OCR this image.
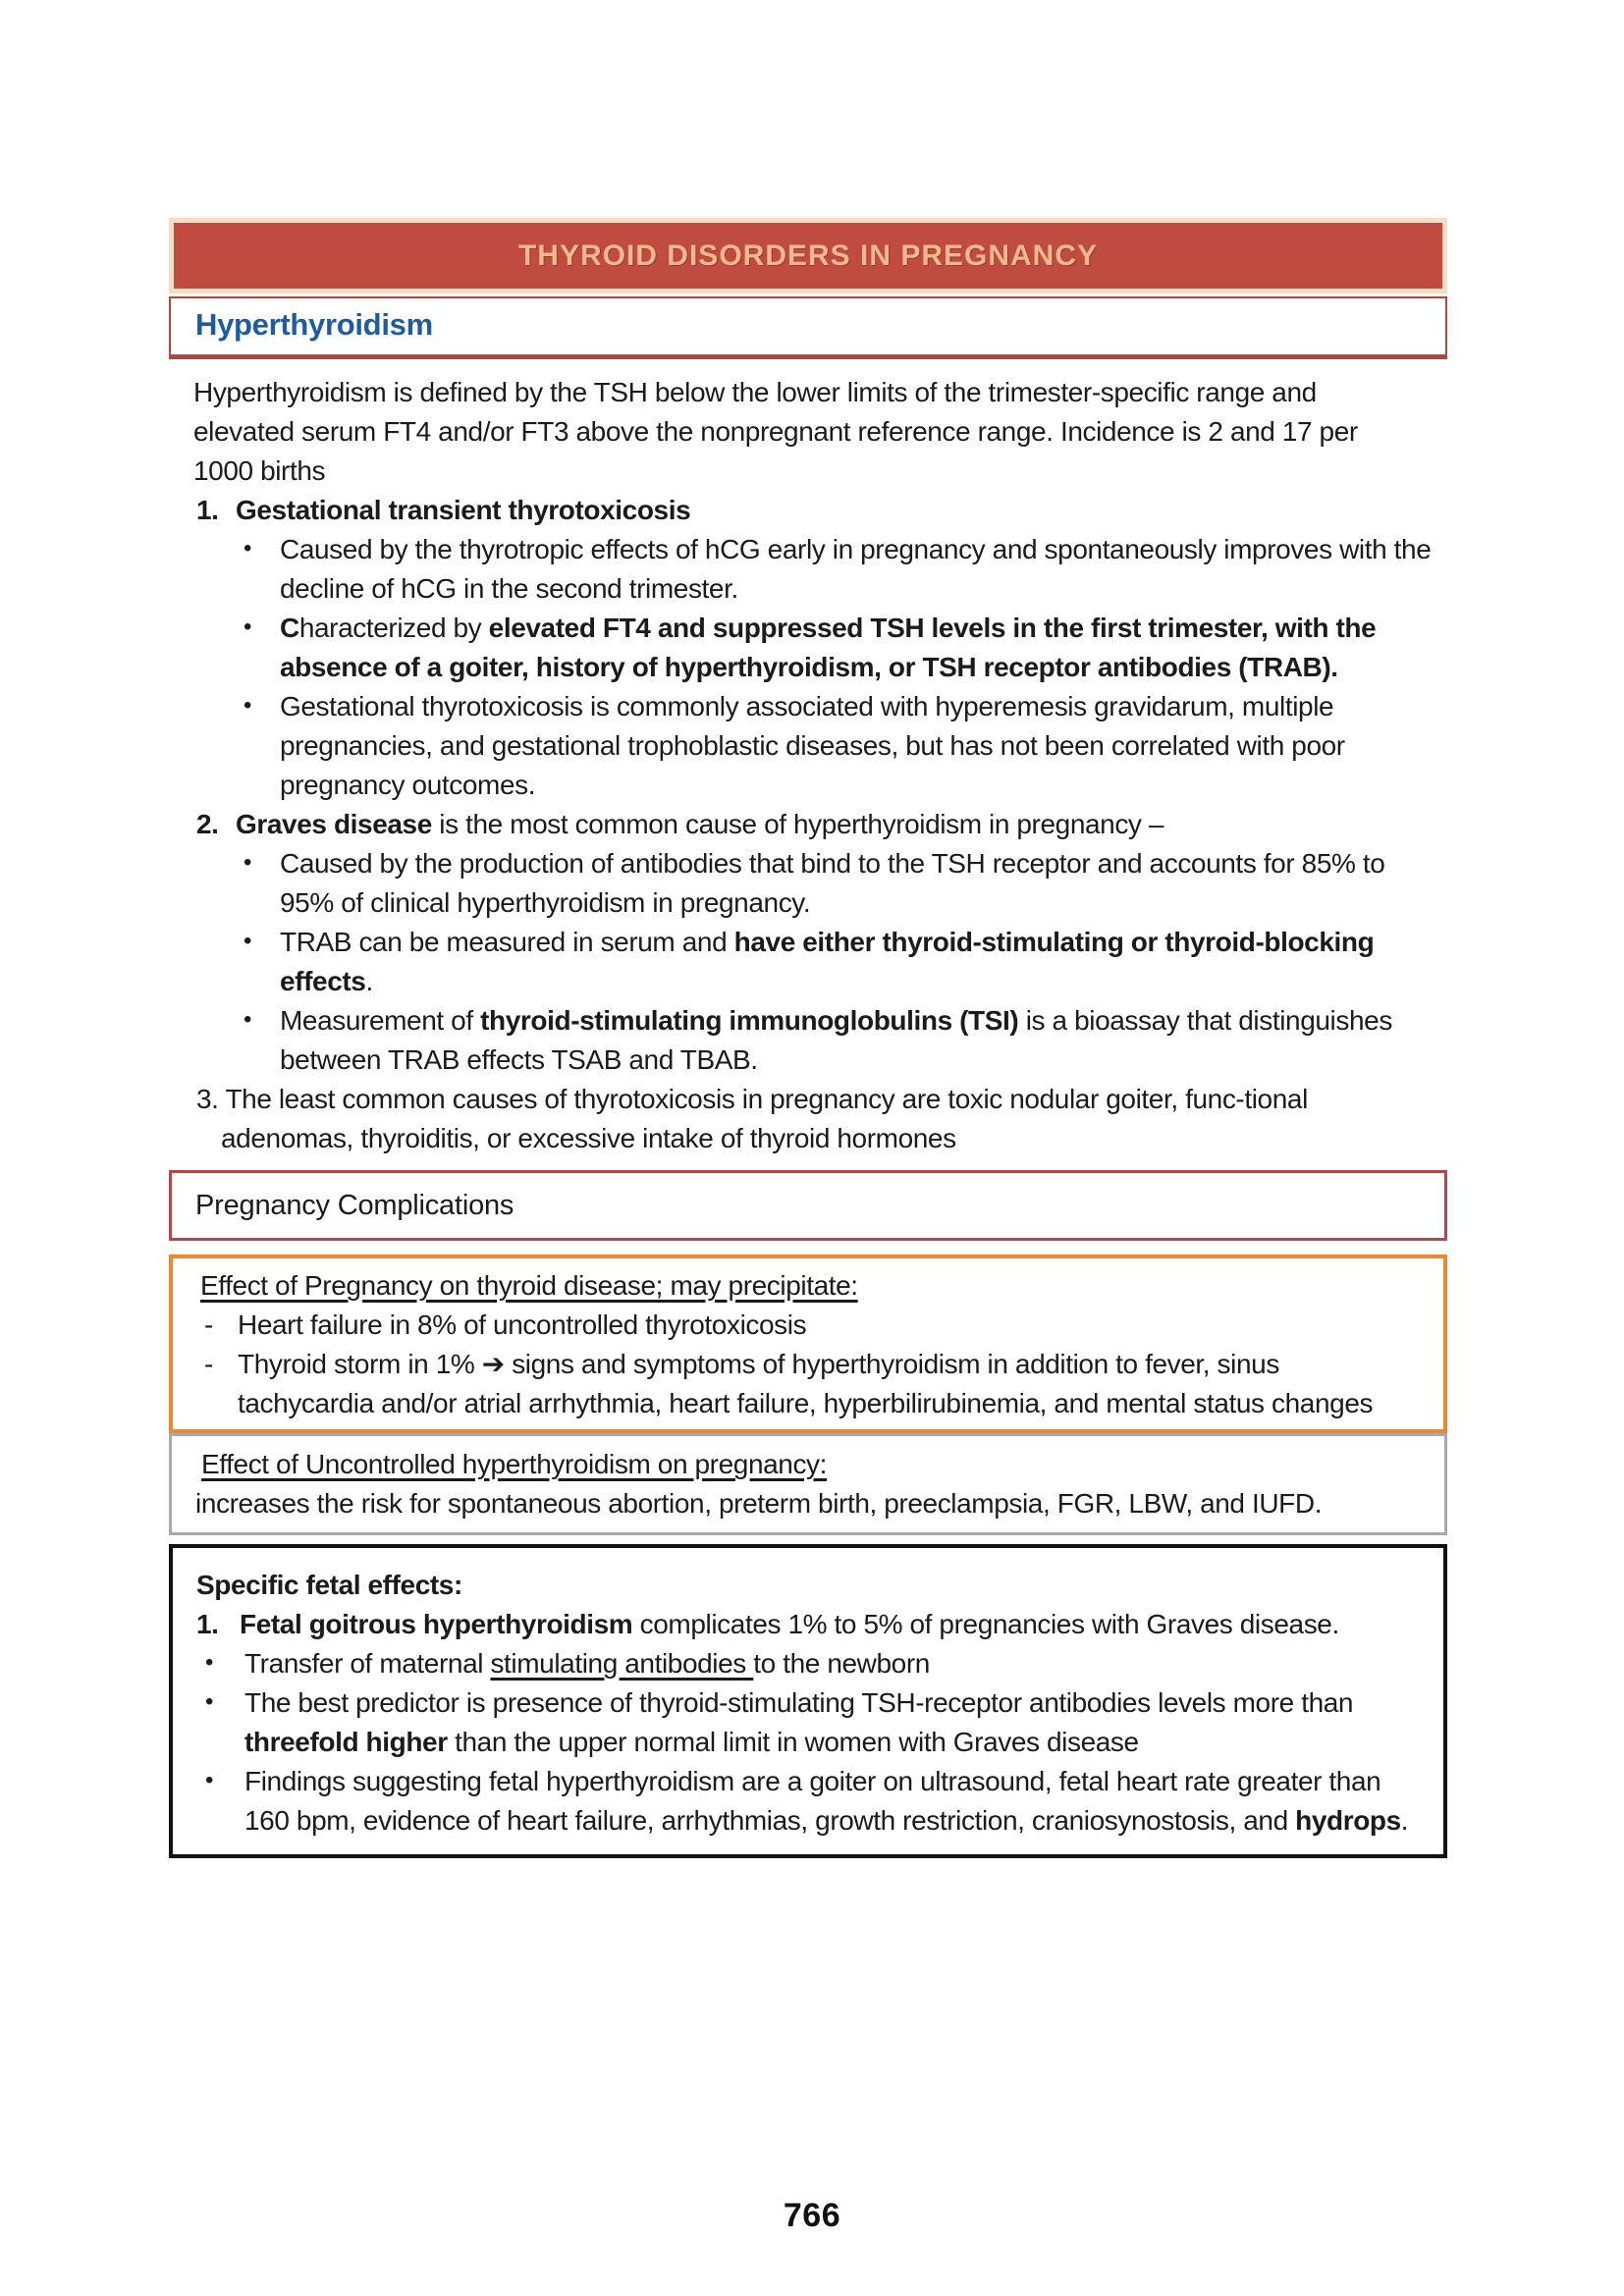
THYROID DISORDERS IN PREGNANCY
Hyperthyroidism

Hyperthyroidism is defined by the TSH below the lower limits of the trimester-specific range and elevated serum FT4 and/or FT3 above the nonpregnant reference range. Incidence is 2 and 17 per 1000 births

1. Gestational transient thyrotoxicosis
• Caused by the thyrotropic effects of hCG early in pregnancy and spontaneously improves with the decline of hCG in the second trimester.
• Characterized by elevated FT4 and suppressed TSH levels in the first trimester, with the absence of a goiter, history of hyperthyroidism, or TSH receptor antibodies (TRAB).
• Gestational thyrotoxicosis is commonly associated with hyperemesis gravidarum, multiple pregnancies, and gestational trophoblastic diseases, but has not been correlated with poor pregnancy outcomes.
2. Graves disease is the most common cause of hyperthyroidism in pregnancy –
• Caused by the production of antibodies that bind to the TSH receptor and accounts for 85% to 95% of clinical hyperthyroidism in pregnancy.
• TRAB can be measured in serum and have either thyroid-stimulating or thyroid-blocking effects.
• Measurement of thyroid-stimulating immunoglobulins (TSI) is a bioassay that distinguishes between TRAB effects TSAB and TBAB.
3. The least common causes of thyrotoxicosis in pregnancy are toxic nodular goiter, func-tional adenomas, thyroiditis, or excessive intake of thyroid hormones
Pregnancy Complications

Effect of Pregnancy on thyroid disease; may precipitate:

- Heart failure in 8% of uncontrolled thyrotoxicosis
- Thyroid storm in 1% ➔ signs and symptoms of hyperthyroidism in addition to fever, sinus tachycardia and/or atrial arrhythmia, heart failure, hyperbilirubinemia, and mental status changes

Effect of Uncontrolled hyperthyroidism on pregnancy:

increases the risk for spontaneous abortion, preterm birth, preeclampsia, FGR, LBW, and IUFD.

Specific fetal effects:

1. Fetal goitrous hyperthyroidism complicates 1% to 5% of pregnancies with Graves disease.
• Transfer of maternal stimulating antibodies to the newborn
• The best predictor is presence of thyroid-stimulating TSH-receptor antibodies levels more than threefold higher than the upper normal limit in women with Graves disease
• Findings suggesting fetal hyperthyroidism are a goiter on ultrasound, fetal heart rate greater than 160 bpm, evidence of heart failure, arrhythmias, growth restriction, craniosynostosis, and hydrops.
766
